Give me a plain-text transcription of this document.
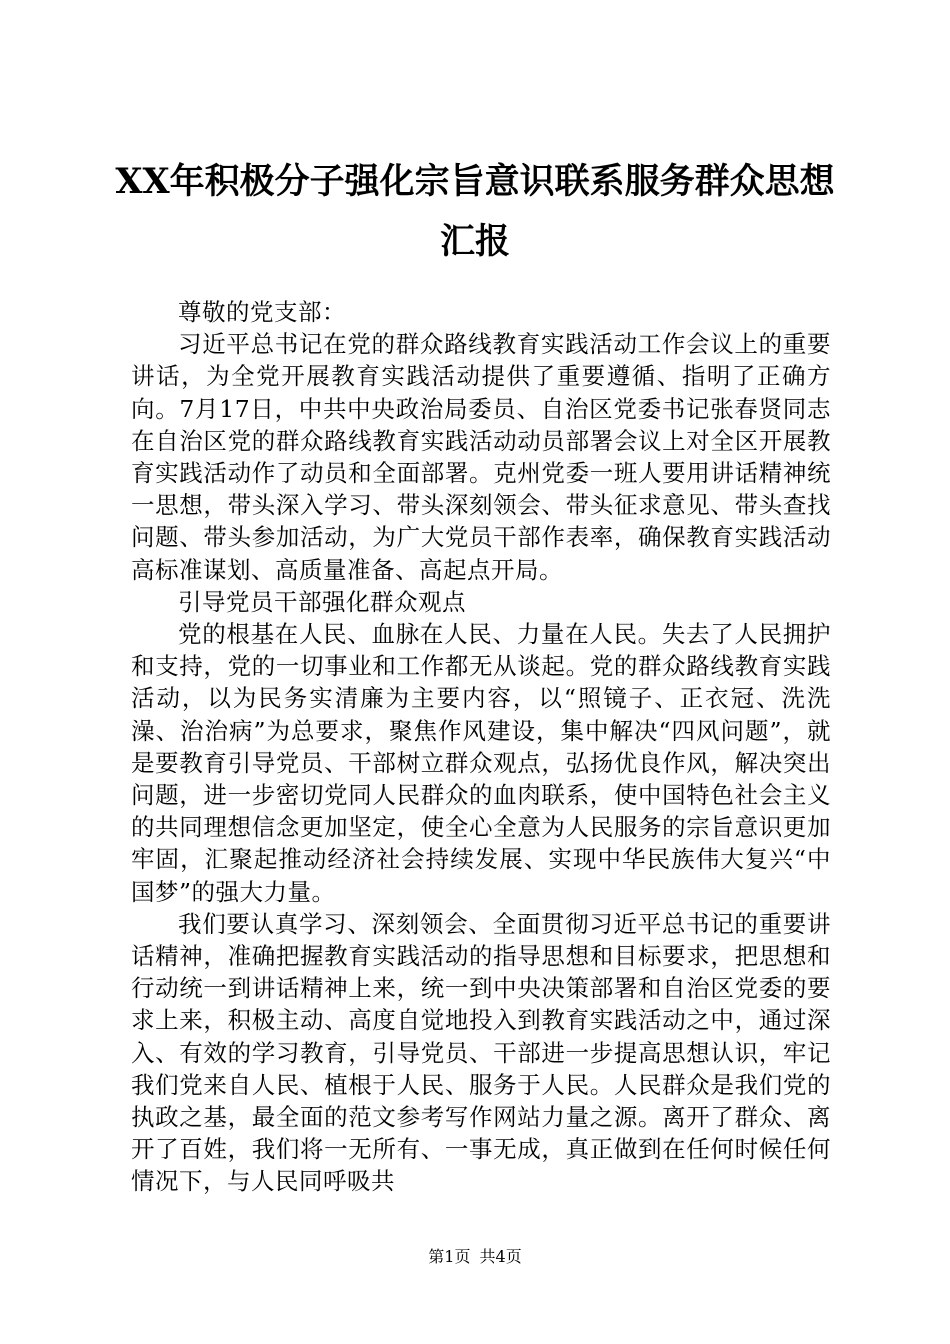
XX年积极分子强化宗旨意识联系服务群众思想汇报

尊敬的党支部：

习近平总书记在党的群众路线教育实践活动工作会议上的重要讲话，为全党开展教育实践活动提供了重要遵循、指明了正确方向。7月17日，中共中央政治局委员、自治区党委书记张春贤同志在自治区党的群众路线教育实践活动动员部署会议上对全区开展教育实践活动作了动员和全面部署。克州党委一班人要用讲话精神统一思想，带头深入学习、带头深刻领会、带头征求意见、带头查找问题、带头参加活动，为广大党员干部作表率，确保教育实践活动高标准谋划、高质量准备、高起点开局。

引导党员干部强化群众观点

党的根基在人民、血脉在人民、力量在人民。失去了人民拥护和支持，党的一切事业和工作都无从谈起。党的群众路线教育实践活动，以为民务实清廉为主要内容，以“照镜子、正衣冠、洗洗澡、治治病”为总要求，聚焦作风建设，集中解决“四风问题”，就是要教育引导党员、干部树立群众观点，弘扬优良作风，解决突出问题，进一步密切党同人民群众的血肉联系，使中国特色社会主义的共同理想信念更加坚定，使全心全意为人民服务的宗旨意识更加牢固，汇聚起推动经济社会持续发展、实现中华民族伟大复兴“中国梦”的强大力量。

我们要认真学习、深刻领会、全面贯彻习近平总书记的重要讲话精神，准确把握教育实践活动的指导思想和目标要求，把思想和行动统一到讲话精神上来，统一到中央决策部署和自治区党委的要求上来，积极主动、高度自觉地投入到教育实践活动之中，通过深入、有效的学习教育，引导党员、干部进一步提高思想认识，牢记我们党来自人民、植根于人民、服务于人民。人民群众是我们党的执政之基，最全面的范文参考写作网站力量之源。离开了群众、离开了百姓，我们将一无所有、一事无成，真正做到在任何时候任何情况下，与人民同呼吸共

第1页 共4页
